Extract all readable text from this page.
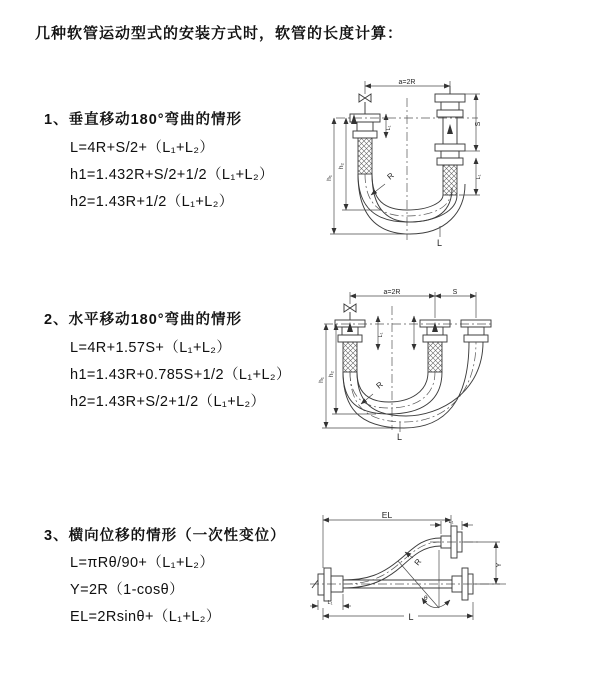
几种软管运动型式的安装方式时，软管的长度计算：
1、垂直移动180°弯曲的情形
L=4R+S/2+（L₁+L₂）
h1=1.432R+S/2+1/2（L₁+L₂）
h2=1.43R+1/2（L₁+L₂）
a=2R
R
h₁
h₂
L₁
S
L₁
L
2、水平移动180°弯曲的情形
L=4R+1.57S+（L₁+L₂）
h1=1.43R+0.785S+1/2（L₁+L₂）
h2=1.43R+S/2+1/2（L₁+L₂）
a=2R	S
L₁
R
h₁
h₂
L
3、横向位移的情形（一次性变位）
L=πRθ/90+（L₁+L₂）
Y=2R（1-cosθ）
EL=2Rsinθ+（L₁+L₂）
EL
L₁
R
θ
Y
L₁
L
